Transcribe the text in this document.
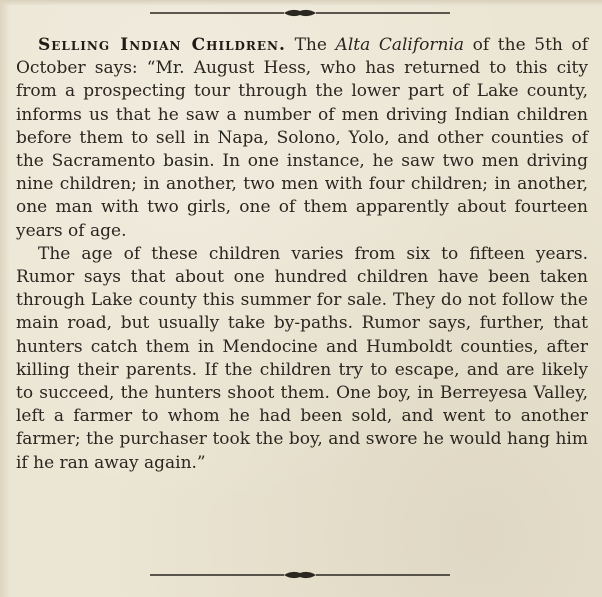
Selling Indian Children. The Alta California of the 5th of October says: “Mr. August Hess, who has returned to this city from a prospecting tour through the lower part of Lake county, informs us that he saw a number of men driving Indian children before them to sell in Napa, Solono, Yolo, and other counties of the Sacramento basin. In one instance, he saw two men driving nine children; in another, two men with four children; in another, one man with two girls, one of them apparently about fourteen years of age.

The age of these children varies from six to fifteen years. Rumor says that about one hundred children have been taken through Lake county this summer for sale. They do not follow the main road, but usually take by-paths. Rumor says, further, that hunters catch them in Mendocine and Humboldt counties, after killing their parents. If the children try to escape, and are likely to succeed, the hunters shoot them. One boy, in Berreyesa Valley, left a farmer to whom he had been sold, and went to another farmer; the purchaser took the boy, and swore he would hang him if he ran away again.”
